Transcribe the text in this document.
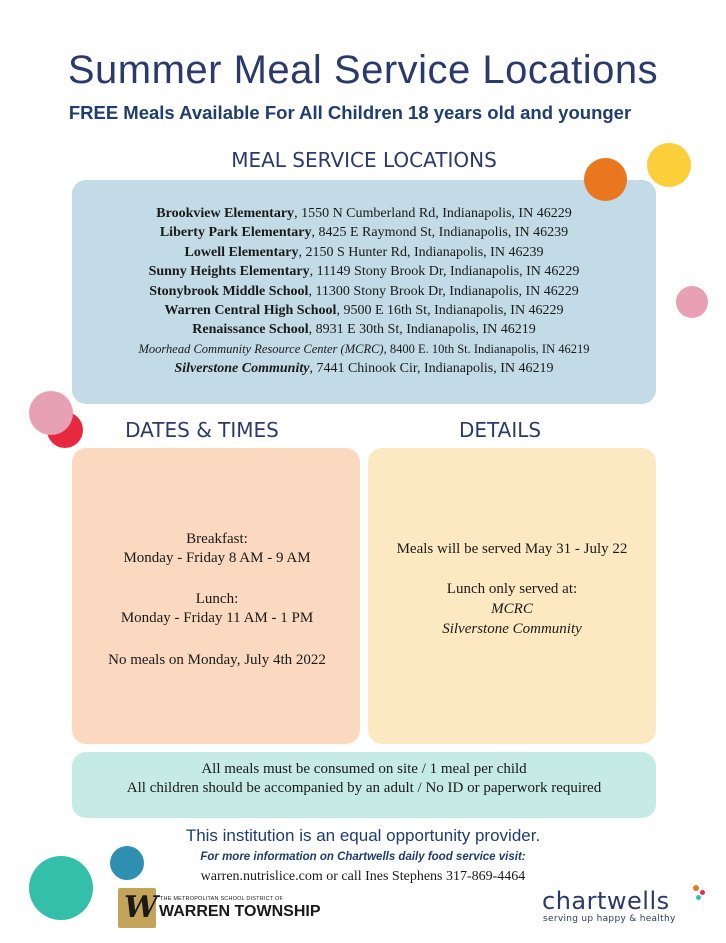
Summer Meal Service Locations
FREE Meals Available For All Children 18 years old and younger
MEAL SERVICE LOCATIONS
Brookview Elementary, 1550 N Cumberland Rd, Indianapolis, IN 46229
Liberty Park Elementary, 8425 E Raymond St, Indianapolis, IN 46239
Lowell Elementary, 2150 S Hunter Rd, Indianapolis, IN 46239
Sunny Heights Elementary, 11149 Stony Brook Dr, Indianapolis, IN 46229
Stonybrook Middle School, 11300 Stony Brook Dr, Indianapolis, IN 46229
Warren Central High School, 9500 E 16th St, Indianapolis, IN 46229
Renaissance School, 8931 E 30th St, Indianapolis, IN 46219
Moorhead Community Resource Center (MCRC), 8400 E. 10th St. Indianapolis, IN 46219
Silverstone Community, 7441 Chinook Cir, Indianapolis, IN 46219
DATES & TIMES	DETAILS
Breakfast:
Monday - Friday 8 AM - 9 AM
Lunch:
Monday - Friday 11 AM - 1 PM
No meals on Monday, July 4th 2022
Meals will be served May 31 - July 22
Lunch only served at:
MCRC
Silverstone Community
All meals must be consumed on site / 1 meal per child
All children should be accompanied by an adult / No ID or paperwork required
This institution is an equal opportunity provider.
For more information on Chartwells daily food service visit:
warren.nutrislice.com or call Ines Stephens 317-869-4464
W THE METROPOLITAN SCHOOL DISTRICT OF
WARREN TOWNSHIP	chartwells
serving up happy & healthy
